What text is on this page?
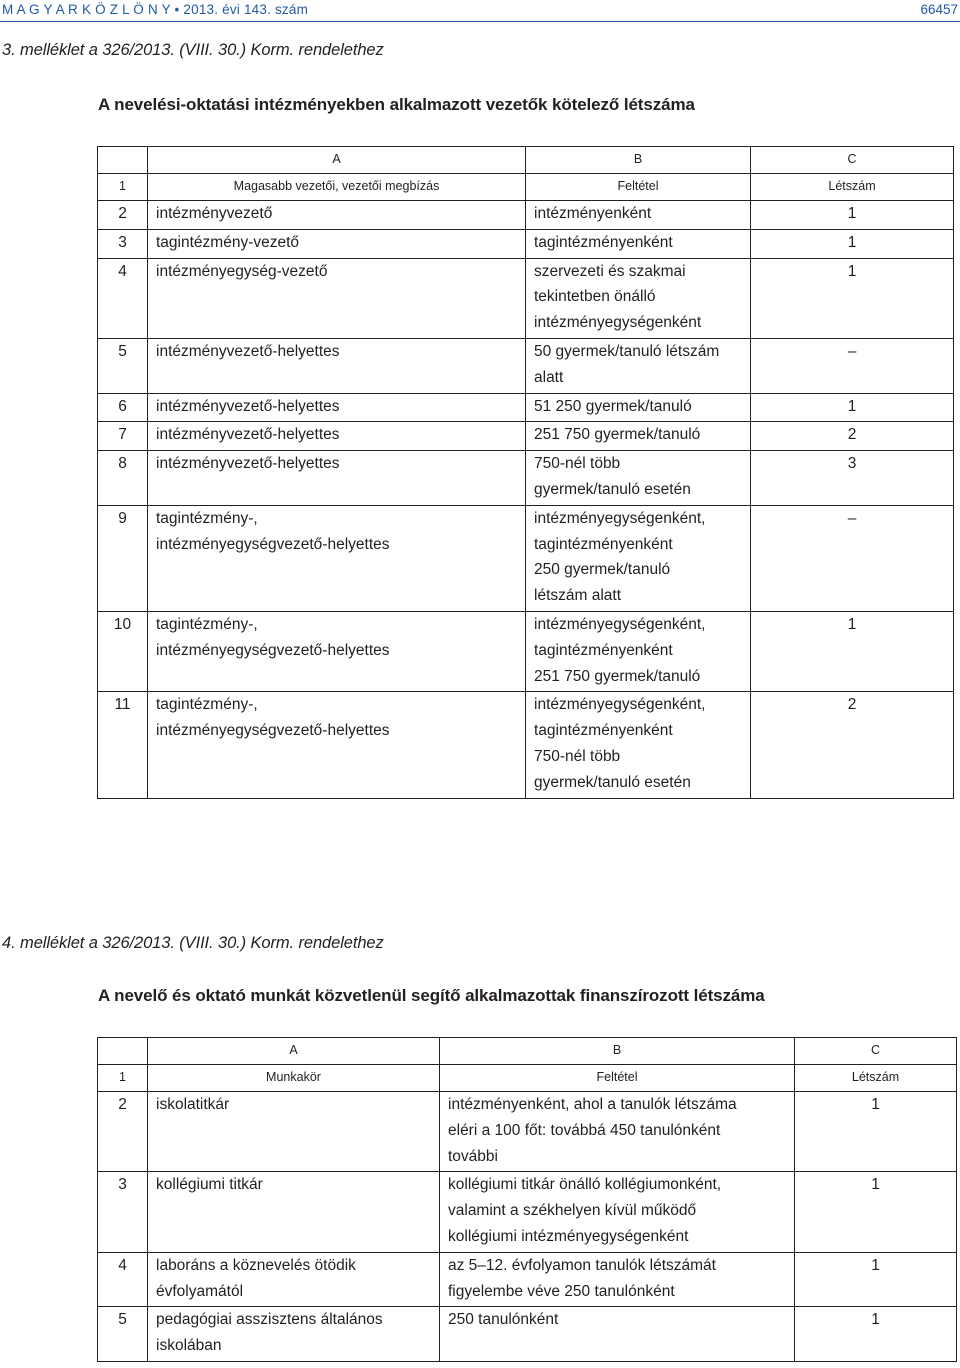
M A G Y A R K Ö Z L Ö N Y • 2013. évi 143. szám	66457
3. melléklet a 326/2013. (VIII. 30.) Korm. rendelethez
A nevelési-oktatási intézményekben alkalmazott vezetők kötelező létszáma
	A	B	C
1	Magasabb vezetői, vezetői megbízás	Feltétel	Létszám
2	intézményvezető	intézményenként	1
3	tagintézmény-vezető	tagintézményenként	1
4	intézményegység-vezető	szervezeti és szakmai
tekintetben önálló
intézményegységenként	1
5	intézményvezető-helyettes	50 gyermek/tanuló létszám
alatt	–
6	intézményvezető-helyettes	51 250 gyermek/tanuló	1
7	intézményvezető-helyettes	251 750 gyermek/tanuló	2
8	intézményvezető-helyettes	750-nél több
gyermek/tanuló esetén	3
9	tagintézmény-,
intézményegységvezető-helyettes	intézményegységenként,
tagintézményenként
250 gyermek/tanuló
létszám alatt	–
10	tagintézmény-,
intézményegységvezető-helyettes	intézményegységenként,
tagintézményenként
251 750 gyermek/tanuló	1
11	tagintézmény-,
intézményegységvezető-helyettes	intézményegységenként,
tagintézményenként
750-nél több
gyermek/tanuló esetén	2
4. melléklet a 326/2013. (VIII. 30.) Korm. rendelethez
A nevelő és oktató munkát közvetlenül segítő alkalmazottak finanszírozott létszáma
	A	B	C
1	Munkakör	Feltétel	Létszám
2	iskolatitkár	intézményenként, ahol a tanulók létszáma
eléri a 100 főt: továbbá 450 tanulónként
további	1
3	kollégiumi titkár	kollégiumi titkár önálló kollégiumonként,
valamint a székhelyen kívül működő
kollégiumi intézményegységenként	1
4	laboráns a köznevelés ötödik
évfolyamától	az 5–12. évfolyamon tanulók létszámát
figyelembe véve 250 tanulónként	1
5	pedagógiai asszisztens általános
iskolában	250 tanulónként	1
